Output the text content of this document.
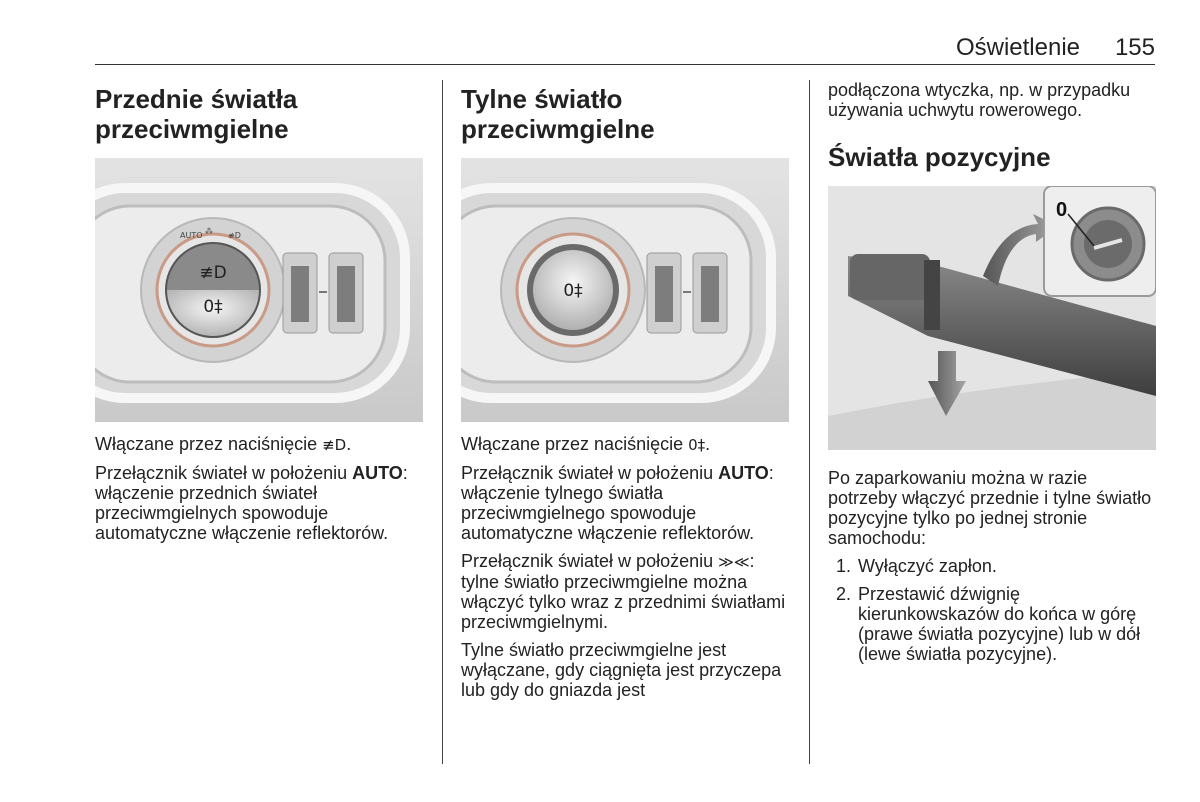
Oświetlenie 155
Przednie światła przeciwmgielne
≢D
0‡
AUTO ⁂ ≢D

Włączane przez naciśnięcie ≢D.

Przełącznik świateł w położeniu AUTO: włączenie przednich świateł przeciwmgielnych spowoduje automatyczne włączenie reflektorów.

Tylne światło przeciwmgielne
0‡

Włączane przez naciśnięcie 0‡.

Przełącznik świateł w położeniu AUTO: włączenie tylnego światła przeciwmgielnego spowoduje automatyczne włączenie reflektorów.

Przełącznik świateł w położeniu ≫≪: tylne światło przeciwmgielne można włączyć tylko wraz z przednimi światłami przeciwmgielnymi.

Tylne światło przeciwmgielne jest wyłączane, gdy ciągnięta jest przyczepa lub gdy do gniazda jest

podłączona wtyczka, np. w przypadku używania uchwytu rowerowego.

Światła pozycyjne
0

Po zaparkowaniu można w razie potrzeby włączyć przednie i tylne światło pozycyjne tylko po jednej stronie samochodu:

1. Wyłączyć zapłon.
2. Przestawić dźwignię kierunkowskazów do końca w górę (prawe światła pozycyjne) lub w dół (lewe światła pozycyjne).
